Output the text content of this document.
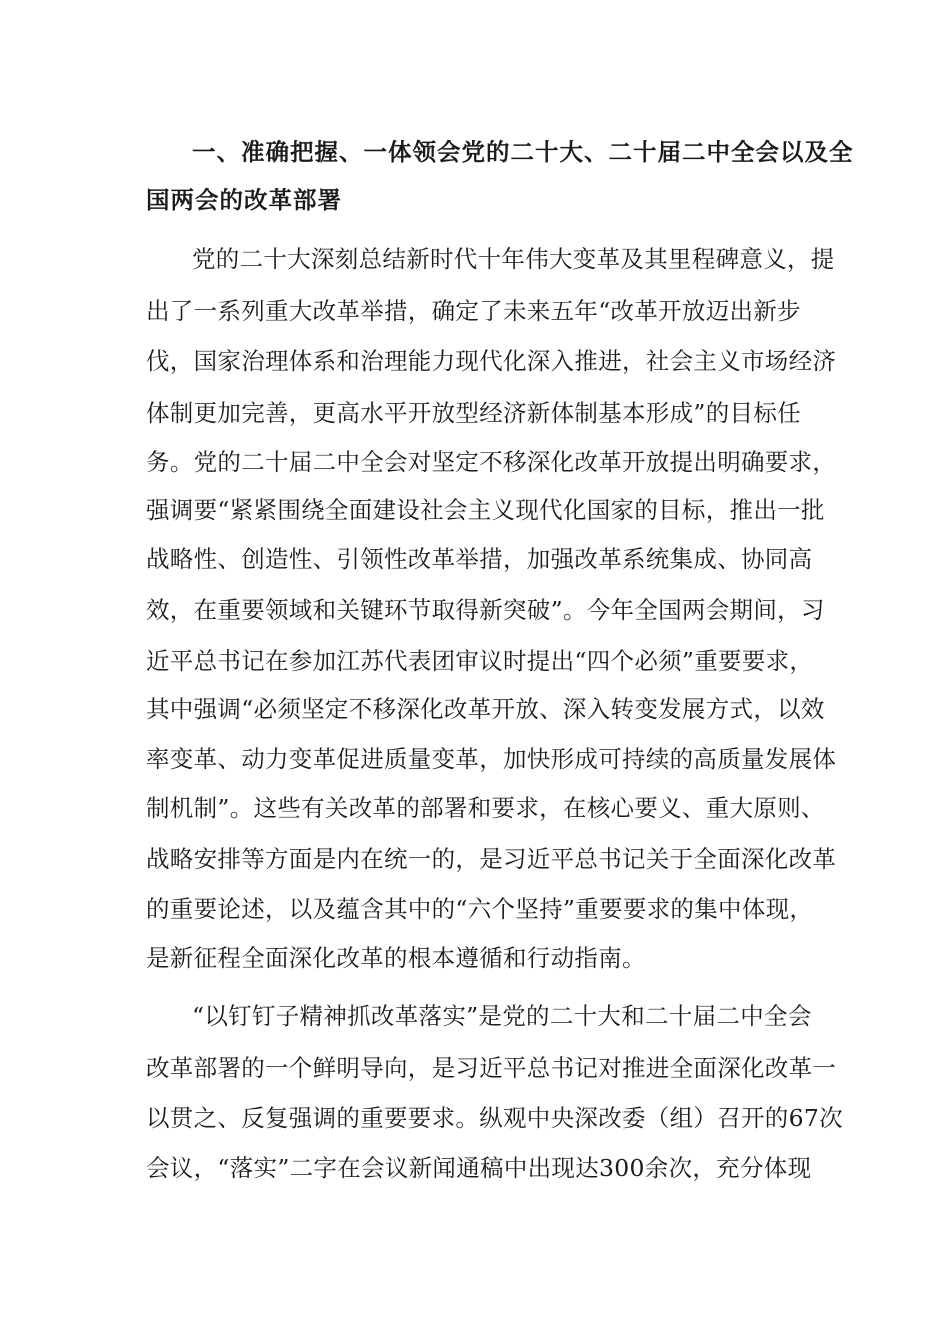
一、准确把握、一体领会党的二十大、二十届二中全会以及全
国两会的改革部署
党的二十大深刻总结新时代十年伟大变革及其里程碑意义，提
出了一系列重大改革举措，确定了未来五年“改革开放迈出新步
伐，国家治理体系和治理能力现代化深入推进，社会主义市场经济
体制更加完善，更高水平开放型经济新体制基本形成”的目标任
务。党的二十届二中全会对坚定不移深化改革开放提出明确要求，
强调要“紧紧围绕全面建设社会主义现代化国家的目标，推出一批
战略性、创造性、引领性改革举措，加强改革系统集成、协同高
效，在重要领域和关键环节取得新突破”。今年全国两会期间，习
近平总书记在参加江苏代表团审议时提出“四个必须”重要要求，
其中强调“必须坚定不移深化改革开放、深入转变发展方式，以效
率变革、动力变革促进质量变革，加快形成可持续的高质量发展体
制机制”。这些有关改革的部署和要求，在核心要义、重大原则、
战略安排等方面是内在统一的，是习近平总书记关于全面深化改革
的重要论述，以及蕴含其中的“六个坚持”重要要求的集中体现，
是新征程全面深化改革的根本遵循和行动指南。
“以钉钉子精神抓改革落实”是党的二十大和二十届二中全会
改革部署的一个鲜明导向，是习近平总书记对推进全面深化改革一
以贯之、反复强调的重要要求。纵观中央深改委（组）召开的67次
会议，“落实”二字在会议新闻通稿中出现达300余次，充分体现
